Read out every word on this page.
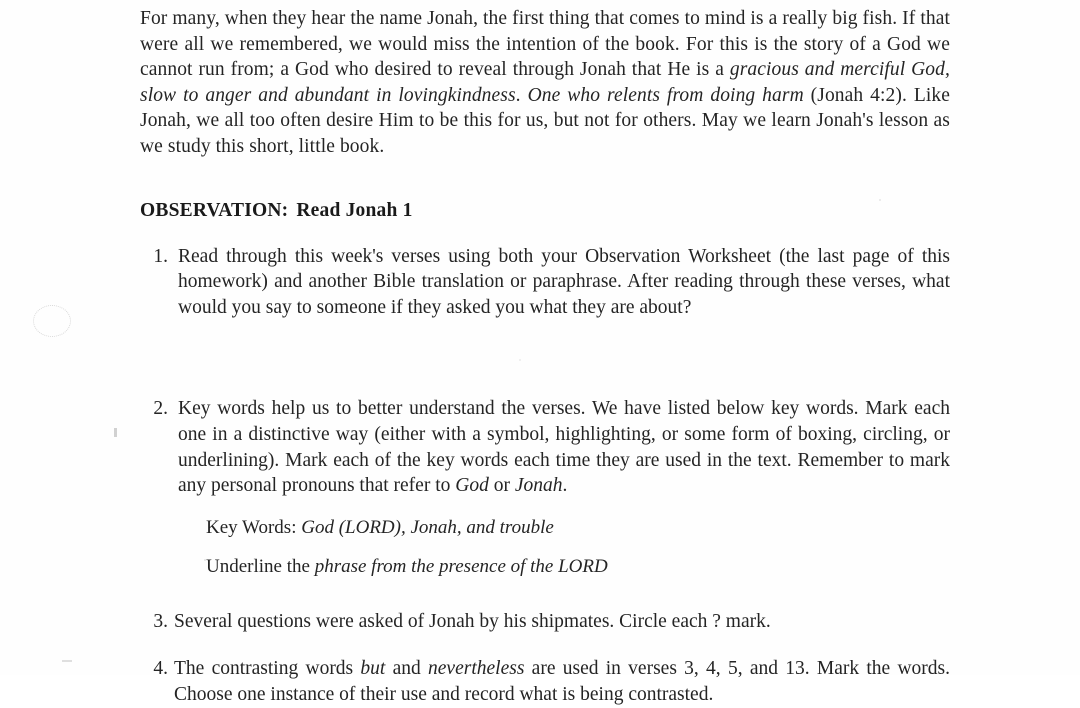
For many, when they hear the name Jonah, the first thing that comes to mind is a really big fish. If that were all we remembered, we would miss the intention of the book. For this is the story of a God we cannot run from; a God who desired to reveal through Jonah that He is a gracious and merciful God, slow to anger and abundant in lovingkindness. One who relents from doing harm (Jonah 4:2). Like Jonah, we all too often desire Him to be this for us, but not for others. May we learn Jonah's lesson as we study this short, little book.

OBSERVATION: Read Jonah 1
1. Read through this week's verses using both your Observation Worksheet (the last page of this homework) and another Bible translation or paraphrase. After reading through these verses, what would you say to someone if they asked you what they are about?
2. Key words help us to better understand the verses. We have listed below key words. Mark each one in a distinctive way (either with a symbol, highlighting, or some form of boxing, circling, or underlining). Mark each of the key words each time they are used in the text. Remember to mark any personal pronouns that refer to God or Jonah.
Key Words: God (LORD), Jonah, and trouble
Underline the phrase from the presence of the LORD
3. Several questions were asked of Jonah by his shipmates. Circle each ? mark.
4. The contrasting words but and nevertheless are used in verses 3, 4, 5, and 13. Mark the words. Choose one instance of their use and record what is being contrasted.
